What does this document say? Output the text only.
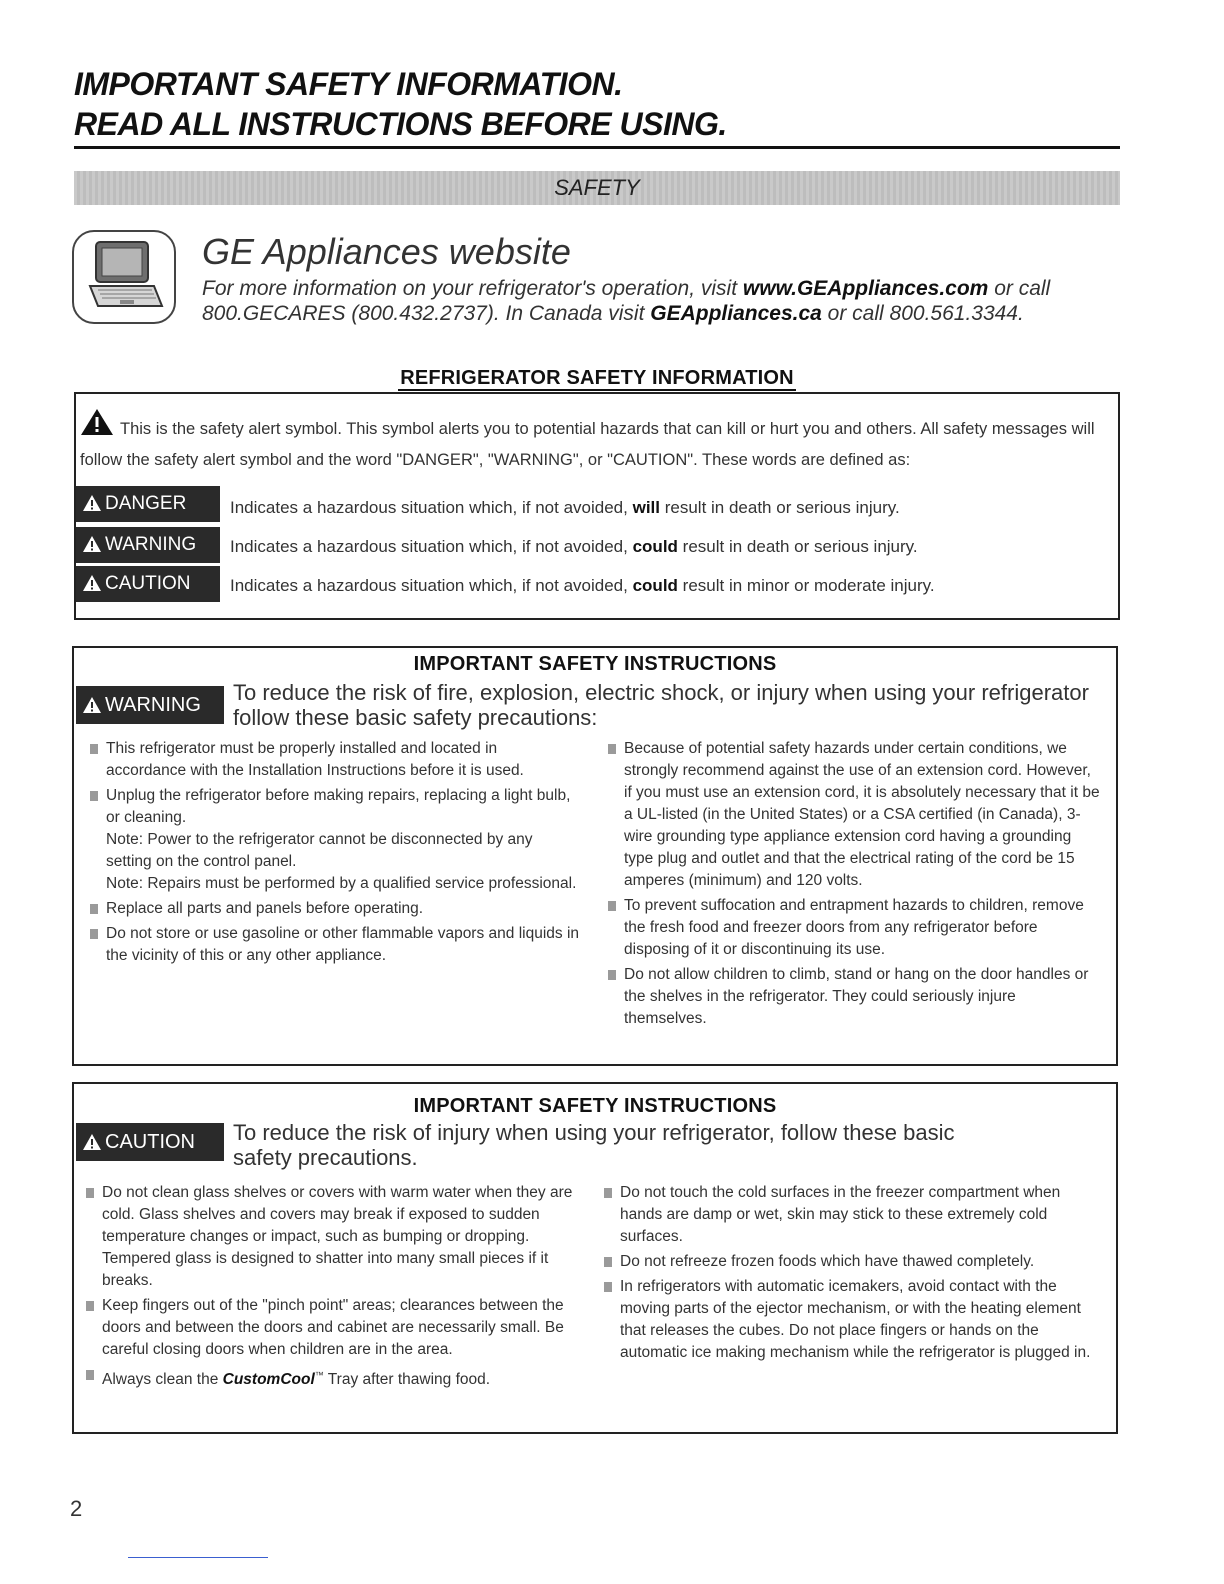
IMPORTANT SAFETY INFORMATION.
READ ALL INSTRUCTIONS BEFORE USING.
SAFETY
GE Appliances website
For more information on your refrigerator's operation, visit www.GEAppliances.com or call 800.GECARES (800.432.2737). In Canada visit GEAppliances.ca or call 800.561.3344.
REFRIGERATOR SAFETY INFORMATION
This is the safety alert symbol. This symbol alerts you to potential hazards that can kill or hurt you and others. All safety messages will follow the safety alert symbol and the word "DANGER", "WARNING", or "CAUTION". These words are defined as:
DANGER	Indicates a hazardous situation which, if not avoided, will result in death or serious injury.
WARNING	Indicates a hazardous situation which, if not avoided, could result in death or serious injury.
CAUTION	Indicates a hazardous situation which, if not avoided, could result in minor or moderate injury.
IMPORTANT SAFETY INSTRUCTIONS
WARNING	To reduce the risk of fire, explosion, electric shock, or injury when using your refrigerator follow these basic safety precautions:
This refrigerator must be properly installed and located in accordance with the Installation Instructions before it is used.
Unplug the refrigerator before making repairs, replacing a light bulb, or cleaning.

Note: Power to the refrigerator cannot be disconnected by any setting on the control panel.

Note: Repairs must be performed by a qualified service professional.

Replace all parts and panels before operating.
Do not store or use gasoline or other flammable vapors and liquids in the vicinity of this or any other appliance.
Because of potential safety hazards under certain conditions, we strongly recommend against the use of an extension cord. However, if you must use an extension cord, it is absolutely necessary that it be a UL-listed (in the United States) or a CSA certified (in Canada), 3-wire grounding type appliance extension cord having a grounding type plug and outlet and that the electrical rating of the cord be 15 amperes (minimum) and 120 volts.
To prevent suffocation and entrapment hazards to children, remove the fresh food and freezer doors from any refrigerator before disposing of it or discontinuing its use.
Do not allow children to climb, stand or hang on the door handles or the shelves in the refrigerator. They could seriously injure themselves.
IMPORTANT SAFETY INSTRUCTIONS
CAUTION	To reduce the risk of injury when using your refrigerator, follow these basic safety precautions.
Do not clean glass shelves or covers with warm water when they are cold. Glass shelves and covers may break if exposed to sudden temperature changes or impact, such as bumping or dropping. Tempered glass is designed to shatter into many small pieces if it breaks.
Keep fingers out of the "pinch point" areas; clearances between the doors and between the doors and cabinet are necessarily small. Be careful closing doors when children are in the area.
Always clean the CustomCool™ Tray after thawing food.
Do not touch the cold surfaces in the freezer compartment when hands are damp or wet, skin may stick to these extremely cold surfaces.
Do not refreeze frozen foods which have thawed completely.
In refrigerators with automatic icemakers, avoid contact with the moving parts of the ejector mechanism, or with the heating element that releases the cubes. Do not place fingers or hands on the automatic ice making mechanism while the refrigerator is plugged in.
2
